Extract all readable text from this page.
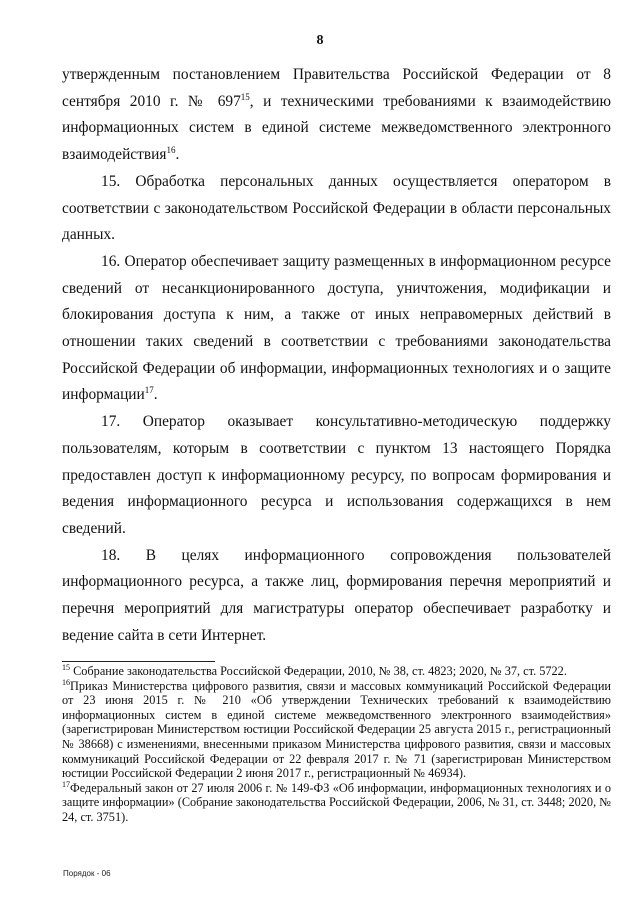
8

утвержденным постановлением Правительства Российской Федерации от 8 сентября 2010 г. № $697^{15}$, и техническими требованиями к взаимодействию информационных систем в единой системе межведомственного электронного взаимодействия$^{16}$.

15. Обработка персональных данных осуществляется оператором в соответствии с законодательством Российской Федерации в области персональных данных.

16. Оператор обеспечивает защиту размещенных в информационном ресурсе сведений от несанкционированного доступа, уничтожения, модификации и блокирования доступа к ним, а также от иных неправомерных действий в отношении таких сведений в соответствии с требованиями законодательства Российской Федерации об информации, информационных технологиях и о защите информации$^{17}$.

17. Оператор оказывает консультативно-методическую поддержку пользователям, которым в соответствии с пунктом 13 настоящего Порядка предоставлен доступ к информационному ресурсу, по вопросам формирования и ведения информационного ресурса и использования содержащихся в нем сведений.

18. В целях информационного сопровождения пользователей информационного ресурса, а также лиц, формирования перечня мероприятий и перечня мероприятий для магистратуры оператор обеспечивает разработку и ведение сайта в сети Интернет.

$^{15}$ Собрание законодательства Российской Федерации, 2010, № 38, ст. 4823; 2020, № 37, ст. 5722.

$^{16}$Приказ Министерства цифрового развития, связи и массовых коммуникаций Российской Федерации от 23 июня 2015 г. № 210 «Об утверждении Технических требований к взаимодействию информационных систем в единой системе межведомственного электронного взаимодействия» (зарегистрирован Министерством юстиции Российской Федерации 25 августа 2015 г., регистрационный № 38668) с изменениями, внесенными приказом Министерства цифрового развития, связи и массовых коммуникаций Российской Федерации от 22 февраля 2017 г. № 71 (зарегистрирован Министерством юстиции Российской Федерации 2 июня 2017 г., регистрационный № 46934).

$^{17}$Федеральный закон от 27 июля 2006 г. № 149-ФЗ «Об информации, информационных технологиях и о защите информации» (Собрание законодательства Российской Федерации, 2006, № 31, ст. 3448; 2020, № 24, ст. 3751).

Порядок - 06
